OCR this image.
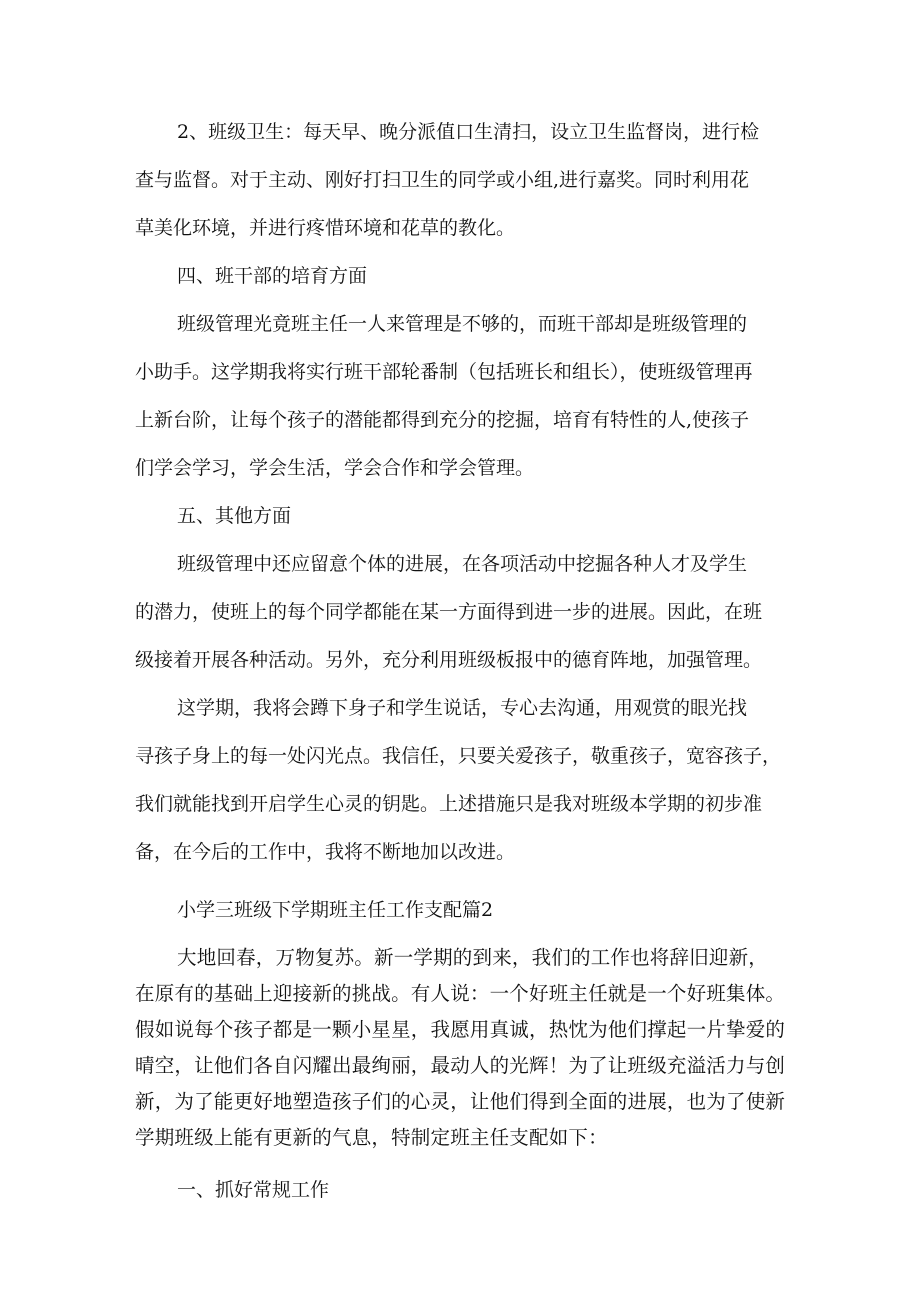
2、班级卫生：每天早、晚分派值口生清扫，设立卫生监督岗，进行检
查与监督。对于主动、刚好打扫卫生的同学或小组,进行嘉奖。同时利用花
草美化环境，并进行疼惜环境和花草的教化。
四、班干部的培育方面
班级管理光竟班主任一人来管理是不够的，而班干部却是班级管理的
小助手。这学期我将实行班干部轮番制（包括班长和组长），使班级管理再
上新台阶，让每个孩子的潜能都得到充分的挖掘，培育有特性的人,使孩子
们学会学习，学会生活，学会合作和学会管理。
五、其他方面
班级管理中还应留意个体的进展，在各项活动中挖掘各种人才及学生
的潜力，使班上的每个同学都能在某一方面得到进一步的进展。因此，在班
级接着开展各种活动。另外，充分利用班级板报中的德育阵地，加强管理。
这学期，我将会蹲下身子和学生说话，专心去沟通，用观赏的眼光找
寻孩子身上的每一处闪光点。我信任，只要关爱孩子，敬重孩子，宽容孩子，
我们就能找到开启学生心灵的钥匙。上述措施只是我对班级本学期的初步准
备，在今后的工作中，我将不断地加以改进。
小学三班级下学期班主任工作支配篇2
大地回春，万物复苏。新一学期的到来，我们的工作也将辞旧迎新，
在原有的基础上迎接新的挑战。有人说：一个好班主任就是一个好班集体。
假如说每个孩子都是一颗小星星，我愿用真诚，热忱为他们撑起一片挚爱的
晴空，让他们各自闪耀出最绚丽，最动人的光辉！为了让班级充溢活力与创
新，为了能更好地塑造孩子们的心灵，让他们得到全面的进展，也为了使新
学期班级上能有更新的气息，特制定班主任支配如下：
一、抓好常规工作
